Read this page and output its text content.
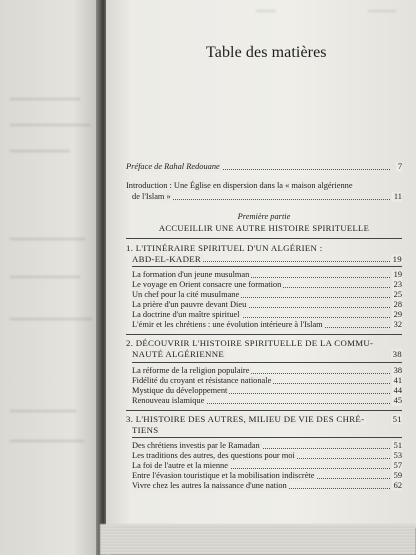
Table des matières
Préface de Rahal Redouane	7
Introduction : Une Église en dispersion dans la « maison algérienne
de l'Islam »	11
Première partie
ACCUEILLIR UNE AUTRE HISTOIRE SPIRITUELLE
1. L'ITINÉRAIRE SPIRITUEL D'UN ALGÉRIEN :
ABD-EL-KADER	19
La formation d'un jeune musulman	19
Le voyage en Orient consacre une formation	23
Un chef pour la cité musulmane	25
La prière d'un pauvre devant Dieu	28
La doctrine d'un maître spirituel	29
L'émir et les chrétiens : une évolution intérieure à l'Islam	32
2. DÉCOUVRIR L'HISTOIRE SPIRITUELLE DE LA COMMU-
NAUTÉ ALGÉRIENNE	38
La réforme de la religion populaire	38
Fidélité du croyant et résistance nationale	41
Mystique du développement	44
Renouveau islamique	45
3. L'HISTOIRE DES AUTRES, MILIEU DE VIE DES CHRÉ-	51
TIENS
Des chrétiens investis par le Ramadan	51
Les traditions des autres, des questions pour moi	53
La foi de l'autre et la mienne	57
Entre l'évasion touristique et la mobilisation indiscrète	59
Vivre chez les autres la naissance d'une nation	62
